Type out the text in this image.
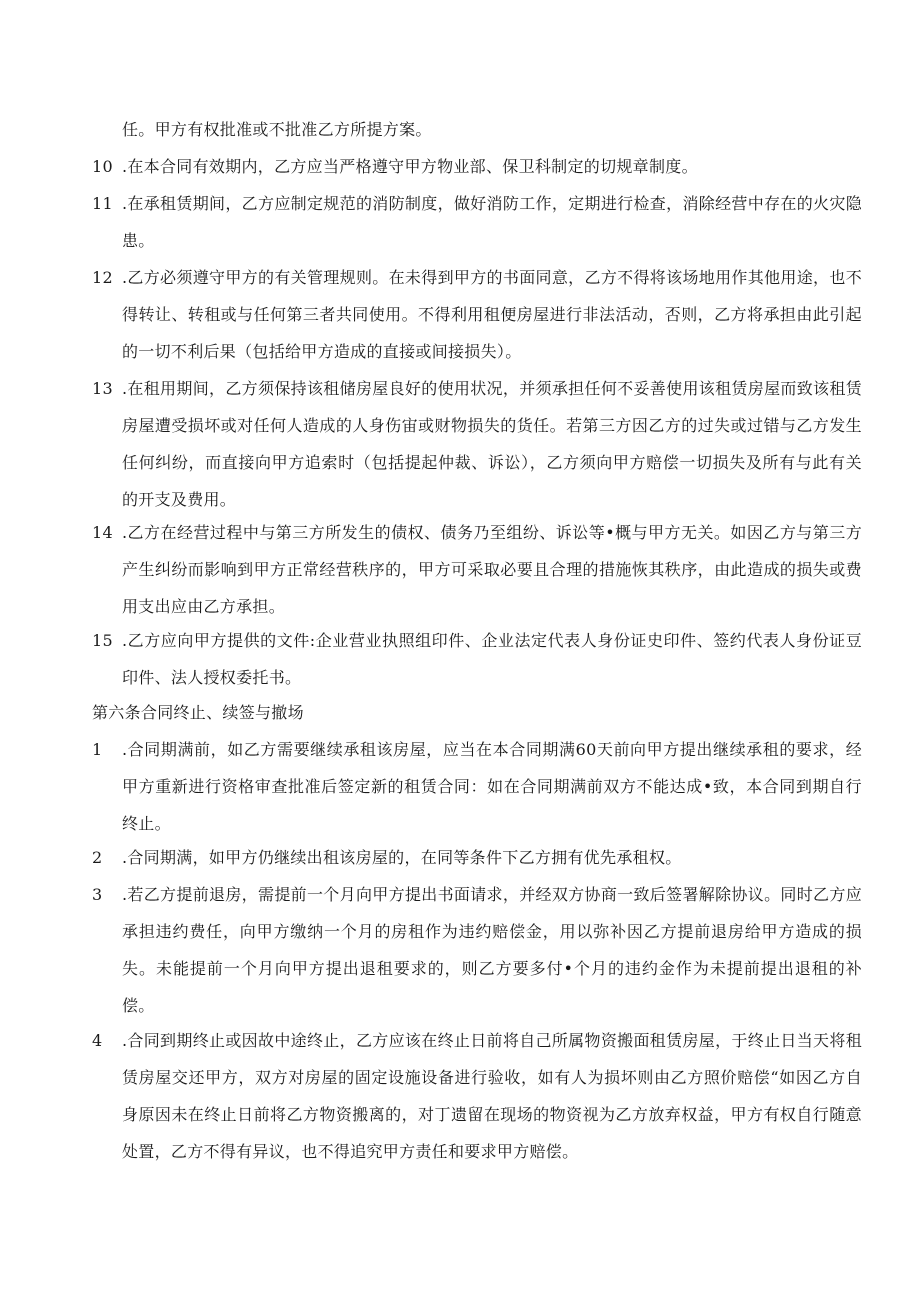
任。甲方有权批准或不批准乙方所提方案。
10 .在本合同有效期内，乙方应当严格遵守甲方物业部、保卫科制定的切规章制度。
11 .在承租赁期间，乙方应制定规范的消防制度，做好消防工作，定期进行检查，消除经营中存在的火灾隐患。
12 .乙方必须遵守甲方的有关管理规则。在未得到甲方的书面同意，乙方不得将该场地用作其他用途，也不得转让、转租或与任何第三者共同使用。不得利用租便房屋进行非法活动，否则，乙方将承担由此引起的一切不利后果（包括给甲方造成的直接或间接损失）。
13 .在租用期间，乙方须保持该租储房屋良好的使用状况，并须承担任何不妥善使用该租赁房屋而致该租赁房屋遭受损坏或对任何人造成的人身伤宙或财物损失的货任。若第三方因乙方的过失或过错与乙方发生任何纠纷，而直接向甲方追索时（包括提起仲裁、诉讼），乙方须向甲方赔偿一切损失及所有与此有关的开支及费用。
14 .乙方在经营过程中与第三方所发生的债权、债务乃至组纷、诉讼等•概与甲方无关。如因乙方与第三方产生纠纷而影响到甲方正常经营秩序的，甲方可采取必要且合理的措施恢其秩序，由此造成的损失或费用支出应由乙方承担。
15 .乙方应向甲方提供的文件:企业营业执照组印件、企业法定代表人身份证史印件、签约代表人身份证豆印件、法人授权委托书。
第六条合同终止、续签与撤场
1	.合同期满前，如乙方需要继续承租该房屋，应当在本合同期满60天前向甲方提出继续承租的要求，经甲方重新进行资格审查批准后签定新的租赁合同：如在合同期满前双方不能达成•致，本合同到期自行终止。
2	.合同期满，如甲方仍继续出租该房屋的，在同等条件下乙方拥有优先承租权。
3	.若乙方提前退房，需提前一个月向甲方提出书面请求，并经双方协商一致后签署解除协议。同时乙方应承担违约费任，向甲方缴纳一个月的房租作为违约赔偿金，用以弥补因乙方提前退房给甲方造成的损失。未能提前一个月向甲方提出退租要求的，则乙方要多付•个月的违约金作为未提前提出退租的补偿。
4	.合同到期终止或因故中途终止，乙方应该在终止日前将自己所属物资搬面租赁房屋，于终止日当天将租赁房屋交还甲方，双方对房屋的固定设施设备进行验收，如有人为损坏则由乙方照价赔偿“如因乙方自身原因未在终止日前将乙方物资搬离的，对丁遗留在现场的物资视为乙方放弃权益，甲方有权自行随意处置，乙方不得有异议，也不得追究甲方责任和要求甲方赔偿。
